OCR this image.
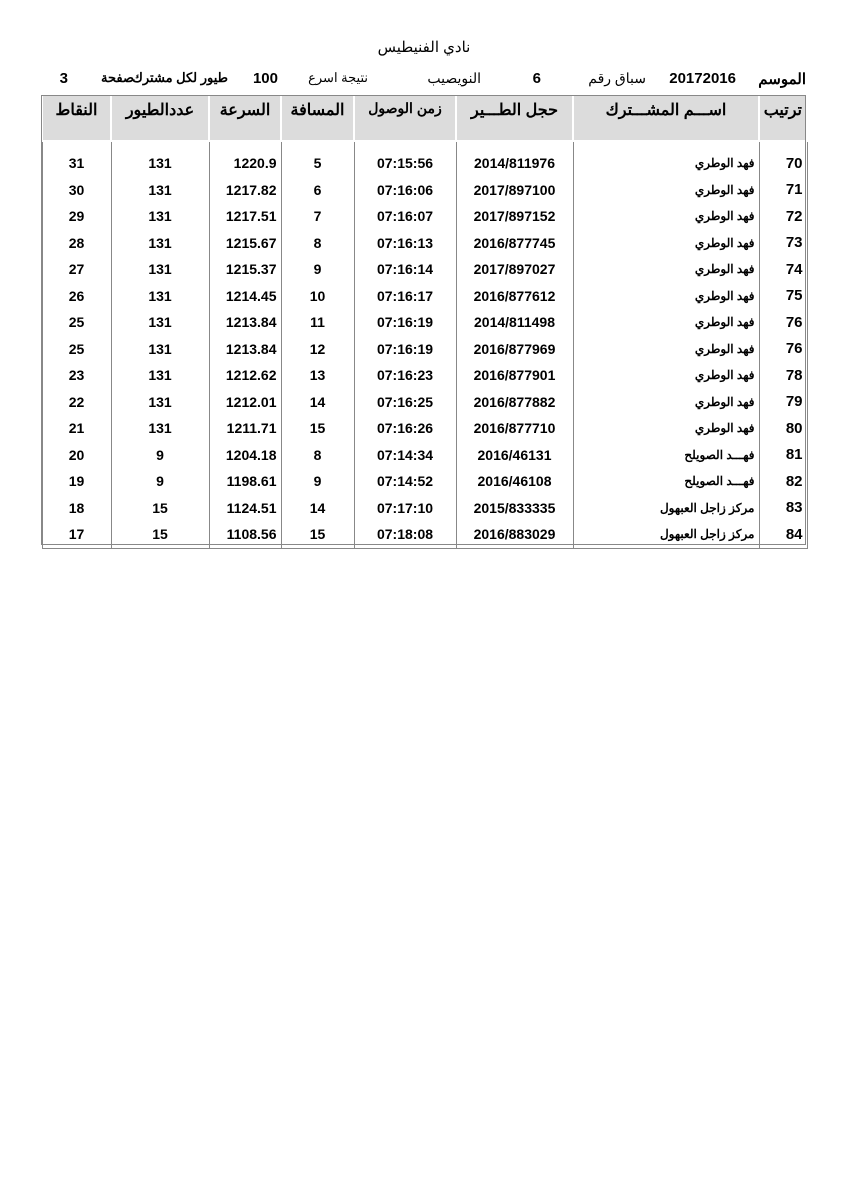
نادي الفنيطيس
الموسم
20172016
سباق رقم
6
النويصيب
نتيجة اسرع
100
طيور لكل مشترك
صفحة
3
ترتيب	اســـم المشـــترك	حجل الطـــير	زمن الوصول	المسافة	السرعة	عددالطيور	النقاط

70	فهد الوطري	2014/811976	07:15:56	5	1220.9	131	31
71	فهد الوطري	2017/897100	07:16:06	6	1217.82	131	30
72	فهد الوطري	2017/897152	07:16:07	7	1217.51	131	29
73	فهد الوطري	2016/877745	07:16:13	8	1215.67	131	28
74	فهد الوطري	2017/897027	07:16:14	9	1215.37	131	27
75	فهد الوطري	2016/877612	07:16:17	10	1214.45	131	26
76	فهد الوطري	2014/811498	07:16:19	11	1213.84	131	25
76	فهد الوطري	2016/877969	07:16:19	12	1213.84	131	25
78	فهد الوطري	2016/877901	07:16:23	13	1212.62	131	23
79	فهد الوطري	2016/877882	07:16:25	14	1212.01	131	22
80	فهد الوطري	2016/877710	07:16:26	15	1211.71	131	21
81	فهـــد الصويلح	2016/46131	07:14:34	8	1204.18	9	20
82	فهـــد الصويلح	2016/46108	07:14:52	9	1198.61	9	19
83	مركز زاجل العبهول	2015/833335	07:17:10	14	1124.51	15	18
84	مركز زاجل العبهول	2016/883029	07:18:08	15	1108.56	15	17
